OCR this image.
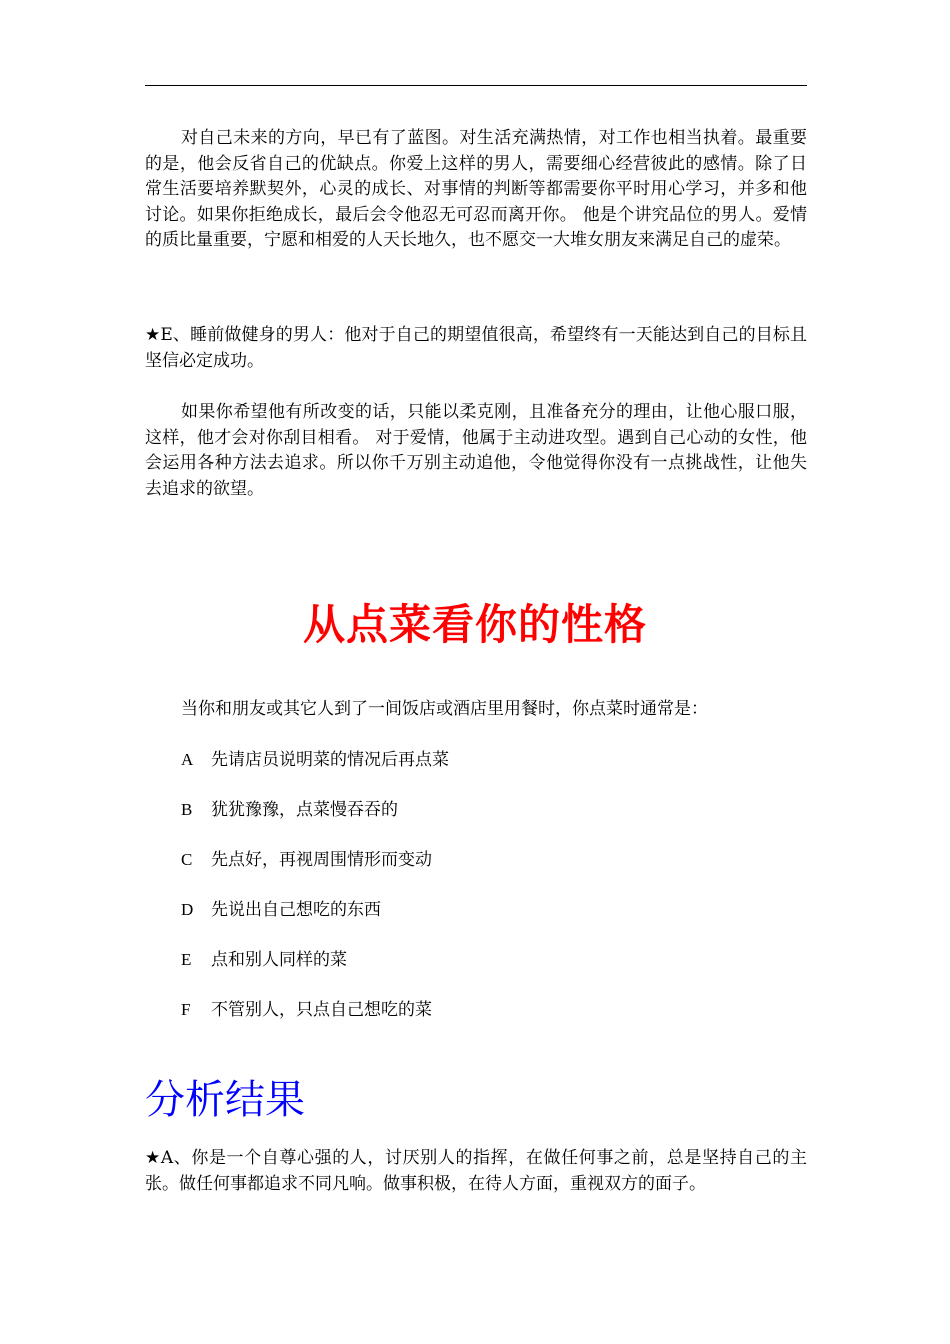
对自己未来的方向，早已有了蓝图。对生活充满热情，对工作也相当执着。最重要的是，他会反省自己的优缺点。你爱上这样的男人，需要细心经营彼此的感情。除了日常生活要培养默契外，心灵的成长、对事情的判断等都需要你平时用心学习，并多和他讨论。如果你拒绝成长，最后会令他忍无可忍而离开你。 他是个讲究品位的男人。爱情的质比量重要，宁愿和相爱的人天长地久，也不愿交一大堆女朋友来满足自己的虚荣。

★E、睡前做健身的男人：他对于自己的期望值很高，希望终有一天能达到自己的目标且坚信必定成功。

如果你希望他有所改变的话，只能以柔克刚，且准备充分的理由，让他心服口服，这样，他才会对你刮目相看。 对于爱情，他属于主动进攻型。遇到自己心动的女性，他会运用各种方法去追求。所以你千万别主动追他，令他觉得你没有一点挑战性，让他失去追求的欲望。

从点菜看你的性格

当你和朋友或其它人到了一间饭店或酒店里用餐时，你点菜时通常是：

A 先请店员说明菜的情况后再点菜

B 犹犹豫豫，点菜慢吞吞的

C 先点好，再视周围情形而变动

D 先说出自己想吃的东西

E 点和别人同样的菜

F 不管别人，只点自己想吃的菜

分析结果

★A、你是一个自尊心强的人，讨厌别人的指挥，在做任何事之前，总是坚持自己的主张。做任何事都追求不同凡响。做事积极，在待人方面，重视双方的面子。
